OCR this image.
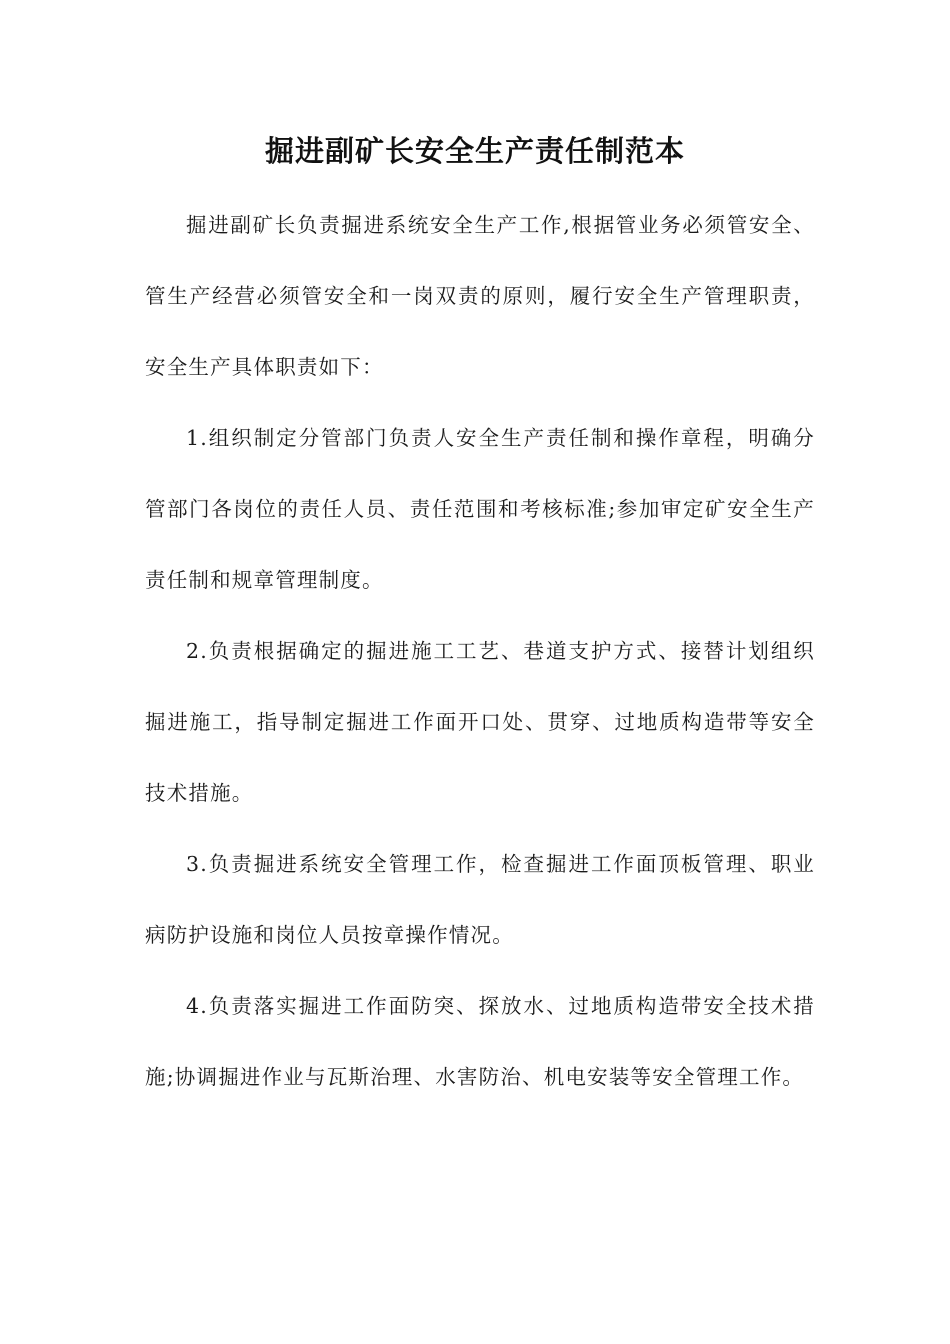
掘进副矿长安全生产责任制范本

掘进副矿长负责掘进系统安全生产工作,根据管业务必须管安全、管生产经营必须管安全和一岗双责的原则，履行安全生产管理职责，安全生产具体职责如下：

1.组织制定分管部门负责人安全生产责任制和操作章程，明确分管部门各岗位的责任人员、责任范围和考核标准;参加审定矿安全生产责任制和规章管理制度。

2.负责根据确定的掘进施工工艺、巷道支护方式、接替计划组织掘进施工，指导制定掘进工作面开口处、贯穿、过地质构造带等安全技术措施。

3.负责掘进系统安全管理工作，检查掘进工作面顶板管理、职业病防护设施和岗位人员按章操作情况。

4.负责落实掘进工作面防突、探放水、过地质构造带安全技术措施;协调掘进作业与瓦斯治理、水害防治、机电安装等安全管理工作。
